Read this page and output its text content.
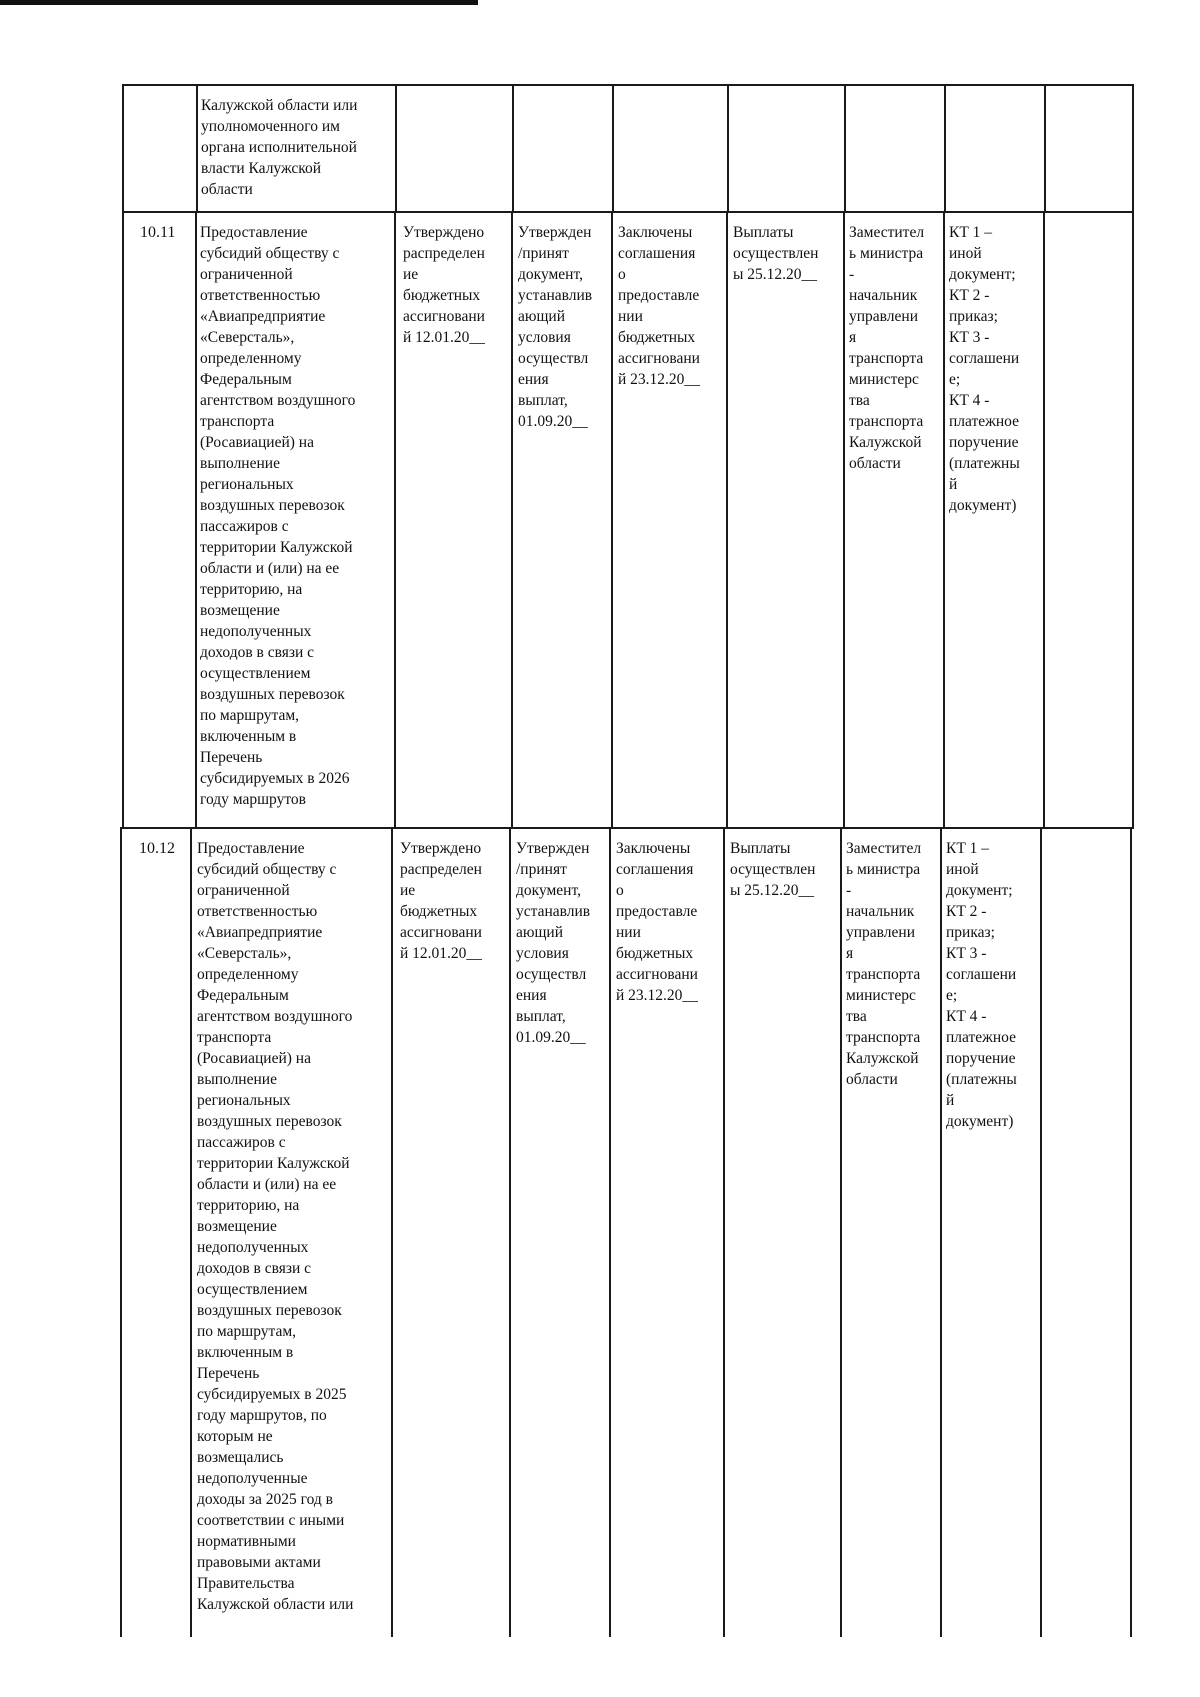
Калужской области или
уполномоченного им
органа исполнительной
власти Калужской
области
10.11 Предоставление
субсидий обществу с
ограниченной
ответственностью
«Авиапредприятие
«Северсталь»,
определенному
Федеральным
агентством воздушного
транспорта
(Росавиацией) на
выполнение
региональных
воздушных перевозок
пассажиров с
территории Калужской
области и (или) на ее
территорию, на
возмещение
недополученных
доходов в связи с
осуществлением
воздушных перевозок
по маршрутам,
включенным в
Перечень
субсидируемых в 2026
году маршрутов
Утверждено
распределен
ие
бюджетных
ассигновани
й 12.01.20__
Утвержден
/принят
документ,
устанавлив
ающий
условия
осуществл
ения
выплат,
01.09.20__
Заключены
соглашения
о
предоставле
нии
бюджетных
ассигновани
й 23.12.20__
Выплаты
осуществлен
ы 25.12.20__
Заместител
ь министра
-
начальник
управлени
я
транспорта
министерс
тва
транспорта
Калужской
области
КТ 1 –
иной
документ;
КТ 2 -
приказ;
КТ 3 -
соглашени
е;
КТ 4 -
платежное
поручение
(платежны
й
документ)
10.12 Предоставление
субсидий обществу с
ограниченной
ответственностью
«Авиапредприятие
«Северсталь»,
определенному
Федеральным
агентством воздушного
транспорта
(Росавиацией) на
выполнение
региональных
воздушных перевозок
пассажиров с
территории Калужской
области и (или) на ее
территорию, на
возмещение
недополученных
доходов в связи с
осуществлением
воздушных перевозок
по маршрутам,
включенным в
Перечень
субсидируемых в 2025
году маршрутов, по
которым не
возмещались
недополученные
доходы за 2025 год в
соответствии с иными
нормативными
правовыми актами
Правительства
Калужской области или
Утверждено
распределен
ие
бюджетных
ассигновани
й 12.01.20__
Утвержден
/принят
документ,
устанавлив
ающий
условия
осуществл
ения
выплат,
01.09.20__
Заключены
соглашения
о
предоставле
нии
бюджетных
ассигновани
й 23.12.20__
Выплаты
осуществлен
ы 25.12.20__
Заместител
ь министра
-
начальник
управлени
я
транспорта
министерс
тва
транспорта
Калужской
области
КТ 1 –
иной
документ;
КТ 2 -
приказ;
КТ 3 -
соглашени
е;
КТ 4 -
платежное
поручение
(платежны
й
документ)
